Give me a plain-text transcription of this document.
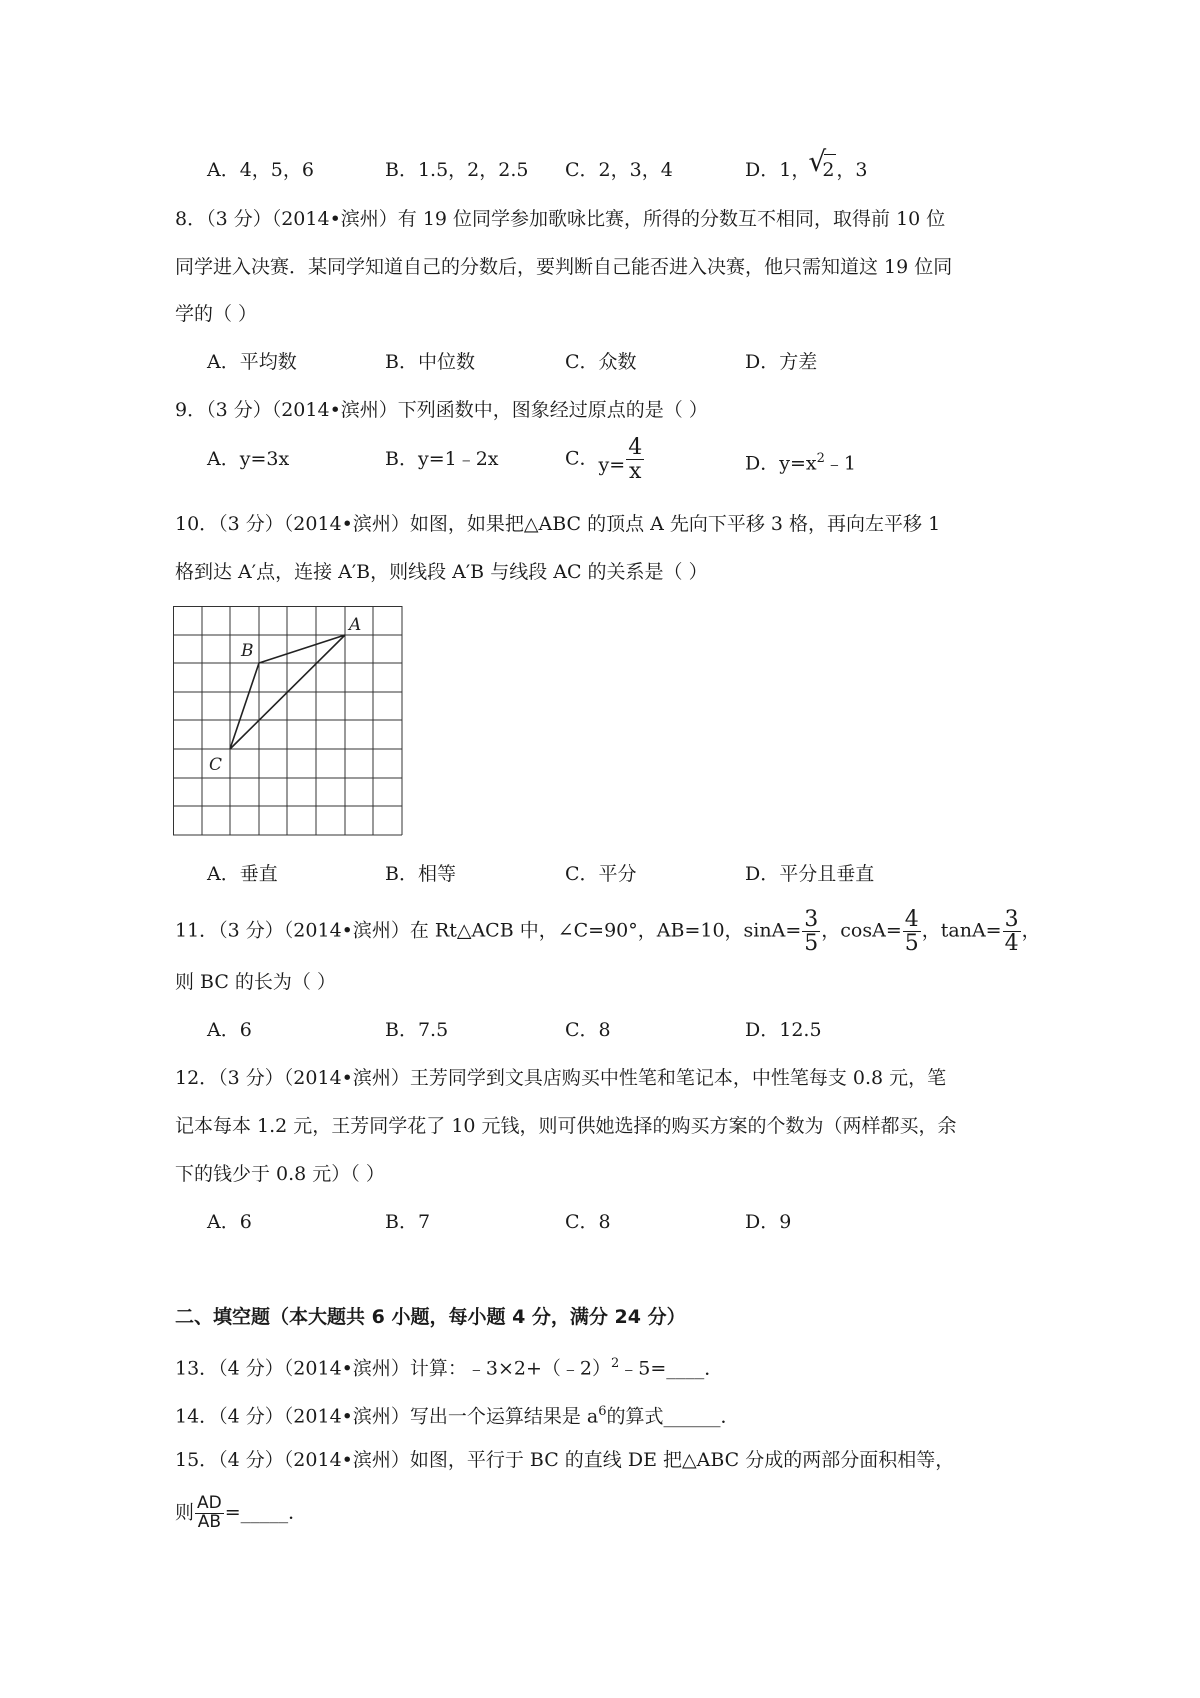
A．4，5，6	B．1.5，2，2.5 C．2，3，4	D．1，
√
2 ，3
8．（3 分）（2014•滨州）有 19 位同学参加歌咏比赛，所得的分数互不相同，取得前 10 位
同学进入决赛．某同学知道自己的分数后，要判断自己能否进入决赛，他只需知道这 19 位同
学的（ ）
A．平均数	B．中位数	C．众数	D．方差
9．（3 分）（2014•滨州）下列函数中，图象经过原点的是（ ）
A．y=3x	B．y=1﹣2x	C．$y= \frac{4}{x}$	D．$y=x^2﹣1$
10．（3 分）（2014•滨州）如图，如果把△ABC 的顶点 A 先向下平移 3 格，再向左平移 1
格到达 A′点，连接 A′B，则线段 A′B 与线段 AC 的关系是（ ）
A
B
C
A．垂直	B．相等	C．平分	D．平分且垂直
11．（3 分）（2014•滨州）在 Rt△ACB 中，∠C=90°，AB=10，$\sin A= \frac{3}{5}$ ，$\cos A= \frac{4}{5}$ ，$\tan A= \frac{3}{4}$ ，
则 BC 的长为（ ）
A．6	B．7.5	C．8	D．12.5
12．（3 分）（2014•滨州）王芳同学到文具店购买中性笔和笔记本，中性笔每支 0.8 元，笔
记本每本 1.2 元，王芳同学花了 10 元钱，则可供她选择的购买方案的个数为（两样都买，余
下的钱少于 0.8 元）（ ）
A．6	B．7	C．8	D．9
二、填空题（本大题共 6 小题，每小题 4 分，满分 24 分）
13．（4 分）（2014•滨州）计算：﹣3×2+（﹣2）$^2$﹣5=____．
14．（4 分）（2014•滨州）写出一个运算结果是 $a^6$的算式______．
15．（4 分）（2014•滨州）如图，平行于 BC 的直线 DE 把△ABC 分成的两部分面积相等，
则 $\frac{AD}{AB}$ =_____．
